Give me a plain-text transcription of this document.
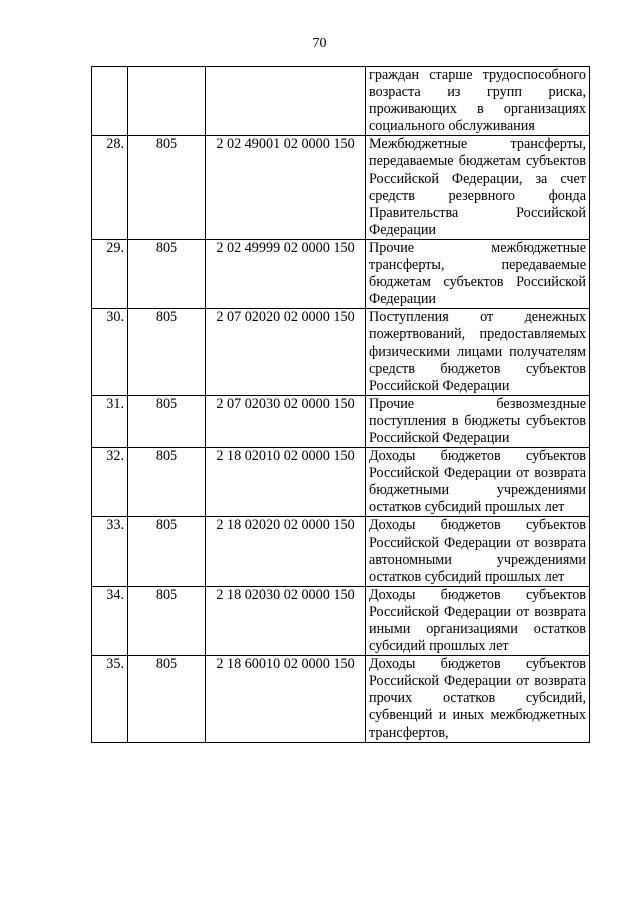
70
			граждан старше трудоспособного возраста из групп риска, проживающих в организациях социального обслуживания
28.	805	2 02 49001 02 0000 150	Межбюджетные трансферты, передаваемые бюджетам субъектов Российской Федерации, за счет средств резервного фонда Правительства Российской Федерации
29.	805	2 02 49999 02 0000 150	Прочие межбюджетные трансферты, передаваемые бюджетам субъектов Российской Федерации
30.	805	2 07 02020 02 0000 150	Поступления от денежных пожертвований, предоставляемых физическими лицами получателям средств бюджетов субъектов Российской Федерации
31.	805	2 07 02030 02 0000 150	Прочие безвозмездные поступления в бюджеты субъектов Российской Федерации
32.	805	2 18 02010 02 0000 150	Доходы бюджетов субъектов Российской Федерации от возврата бюджетными учреждениями остатков субсидий прошлых лет
33.	805	2 18 02020 02 0000 150	Доходы бюджетов субъектов Российской Федерации от возврата автономными учреждениями остатков субсидий прошлых лет
34.	805	2 18 02030 02 0000 150	Доходы бюджетов субъектов Российской Федерации от возврата иными организациями остатков субсидий прошлых лет
35.	805	2 18 60010 02 0000 150	Доходы бюджетов субъектов Российской Федерации от возврата прочих остатков субсидий, субвенций и иных межбюджетных трансфертов,
